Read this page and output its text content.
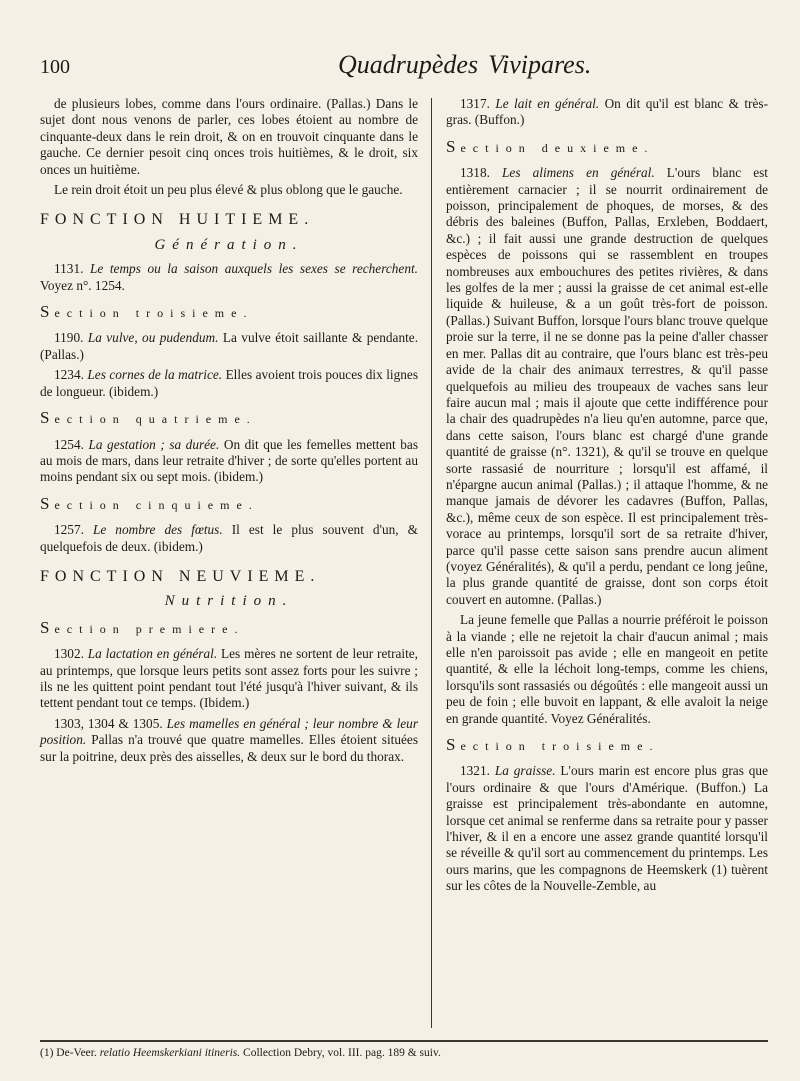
100	Quadrupèdes Vivipares.

de plusieurs lobes, comme dans l'ours ordinaire. (Pallas.) Dans le sujet dont nous venons de parler, ces lobes étoient au nombre de cinquante-deux dans le rein droit, & on en trouvoit cinquante dans le gauche. Ce dernier pesoit cinq onces trois huitièmes, & le droit, six onces un huitième.

Le rein droit étoit un peu plus élevé & plus oblong que le gauche.

FONCTION HUITIEME.
Génération.

1131. Le temps ou la saison auxquels les sexes se recherchent. Voyez n°. 1254.

Section troisieme.

1190. La vulve, ou pudendum. La vulve étoit saillante & pendante. (Pallas.)

1234. Les cornes de la matrice. Elles avoient trois pouces dix lignes de longueur. (ibidem.)

Section quatrieme.

1254. La gestation ; sa durée. On dit que les femelles mettent bas au mois de mars, dans leur retraite d'hiver ; de sorte qu'elles portent au moins pendant six ou sept mois. (ibidem.)

Section cinquieme.

1257. Le nombre des fœtus. Il est le plus souvent d'un, & quelquefois de deux. (ibidem.)

FONCTION NEUVIEME.
Nutrition.
Section premiere.

1302. La lactation en général. Les mères ne sortent de leur retraite, au printemps, que lorsque leurs petits sont assez forts pour les suivre ; ils ne les quittent point pendant tout l'été jusqu'à l'hiver suivant, & ils tettent pendant tout ce temps. (Ibidem.)

1303, 1304 & 1305. Les mamelles en général ; leur nombre & leur position. Pallas n'a trouvé que quatre mamelles. Elles étoient situées sur la poitrine, deux près des aisselles, & deux sur le bord du thorax.

1317. Le lait en général. On dit qu'il est blanc & très-gras. (Buffon.)

Section deuxieme.

1318. Les alimens en général. L'ours blanc est entièrement carnacier ; il se nourrit ordinairement de poisson, principalement de phoques, de morses, & des débris des baleines (Buffon, Pallas, Erxleben, Boddaert, &c.) ; il fait aussi une grande destruction de quelques espèces de poissons qui se rassemblent en troupes nombreuses aux embouchures des petites rivières, & dans les golfes de la mer ; aussi la graisse de cet animal est-elle liquide & huileuse, & a un goût très-fort de poisson. (Pallas.) Suivant Buffon, lorsque l'ours blanc trouve quelque proie sur la terre, il ne se donne pas la peine d'aller chasser en mer. Pallas dit au contraire, que l'ours blanc est très-peu avide de la chair des animaux terrestres, & qu'il passe quelquefois au milieu des troupeaux de vaches sans leur faire aucun mal ; mais il ajoute que cette indifférence pour la chair des quadrupèdes n'a lieu qu'en automne, parce que, dans cette saison, l'ours blanc est chargé d'une grande quantité de graisse (n°. 1321), & qu'il se trouve en quelque sorte rassasié de nourriture ; lorsqu'il est affamé, il n'épargne aucun animal (Pallas.) ; il attaque l'homme, & ne manque jamais de dévorer les cadavres (Buffon, Pallas, &c.), même ceux de son espèce. Il est principalement très-vorace au printemps, lorsqu'il sort de sa retraite d'hiver, parce qu'il passe cette saison sans prendre aucun aliment (voyez Généralités), & qu'il a perdu, pendant ce long jeûne, la plus grande quantité de graisse, dont son corps étoit couvert en automne. (Pallas.)

La jeune femelle que Pallas a nourrie préféroit le poisson à la viande ; elle ne rejetoit la chair d'aucun animal ; mais elle n'en paroissoit pas avide ; elle en mangeoit en petite quantité, & elle la léchoit long-temps, comme les chiens, lorsqu'ils sont rassasiés ou dégoûtés : elle mangeoit aussi un peu de foin ; elle buvoit en lappant, & elle avaloit la neige en grande quantité. Voyez Généralités.

Section troisieme.

1321. La graisse. L'ours marin est encore plus gras que l'ours ordinaire & que l'ours d'Amérique. (Buffon.) La graisse est principalement très-abondante en automne, lorsque cet animal se renferme dans sa retraite pour y passer l'hiver, & il en a encore une assez grande quantité lorsqu'il se réveille & qu'il sort au commencement du printemps. Les ours marins, que les compagnons de Heemskerk (1) tuèrent sur les côtes de la Nouvelle-Zemble, au

(1) De-Veer. relatio Heemskerkiani itineris. Collection Debry, vol. III. pag. 189 & suiv.
